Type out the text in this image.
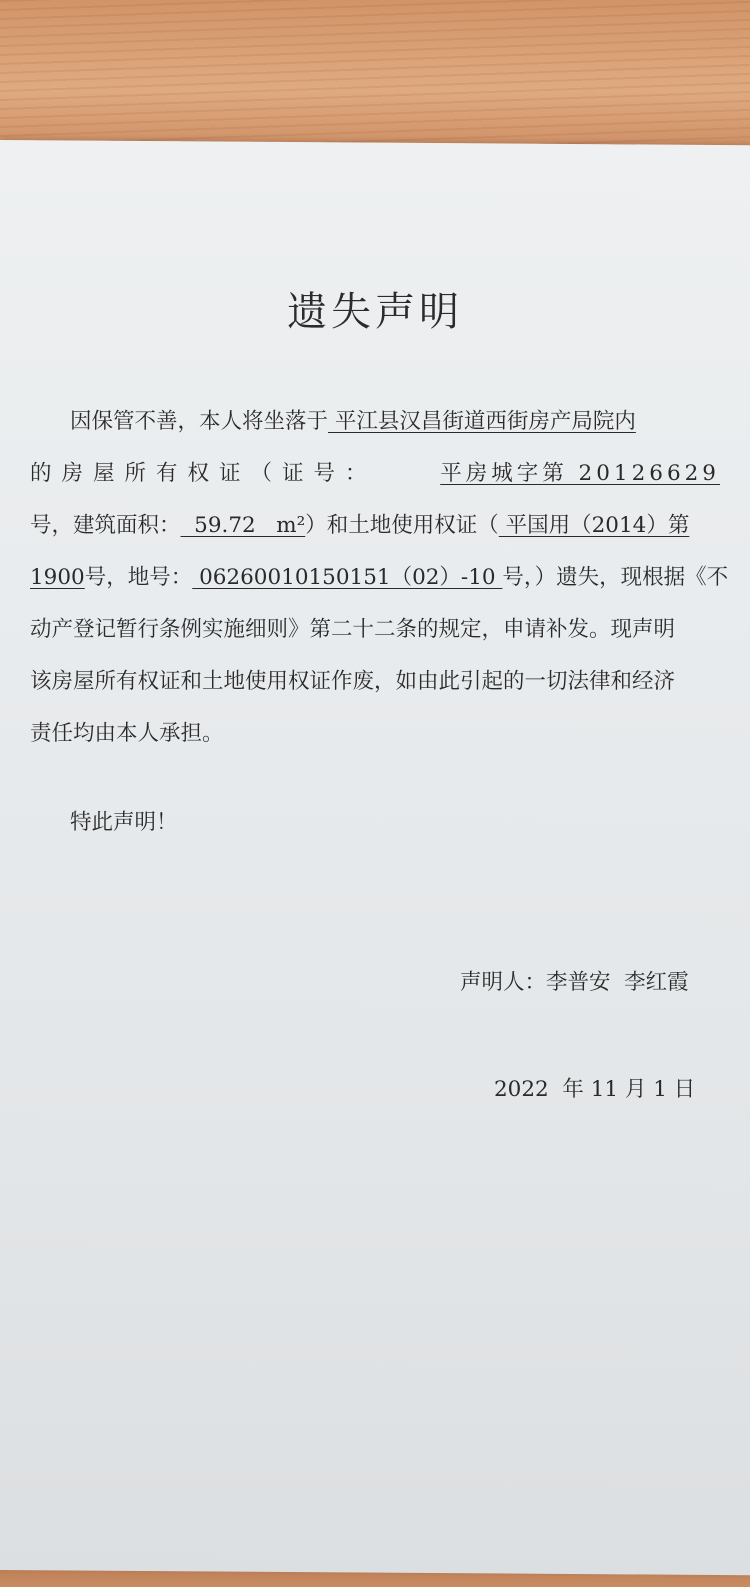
遗失声明
因保管不善，本人将坐落于 平江县汉昌街道西街房产局院内
的房屋所有权证（证号：	平房城字第 20126629
号，建筑面积：  59.72   m²）和土地使用权证（ 平国用（2014）第
1900号，地号： 06260010150151（02）-10 号，）遗失，现根据《不
动产登记暂行条例实施细则》第二十二条的规定，申请补发。现声明
该房屋所有权证和土地使用权证作废，如由此引起的一切法律和经济
责任均由本人承担。
特此声明！
声明人：李普安  李红霞
2022  年 11 月 1 日
